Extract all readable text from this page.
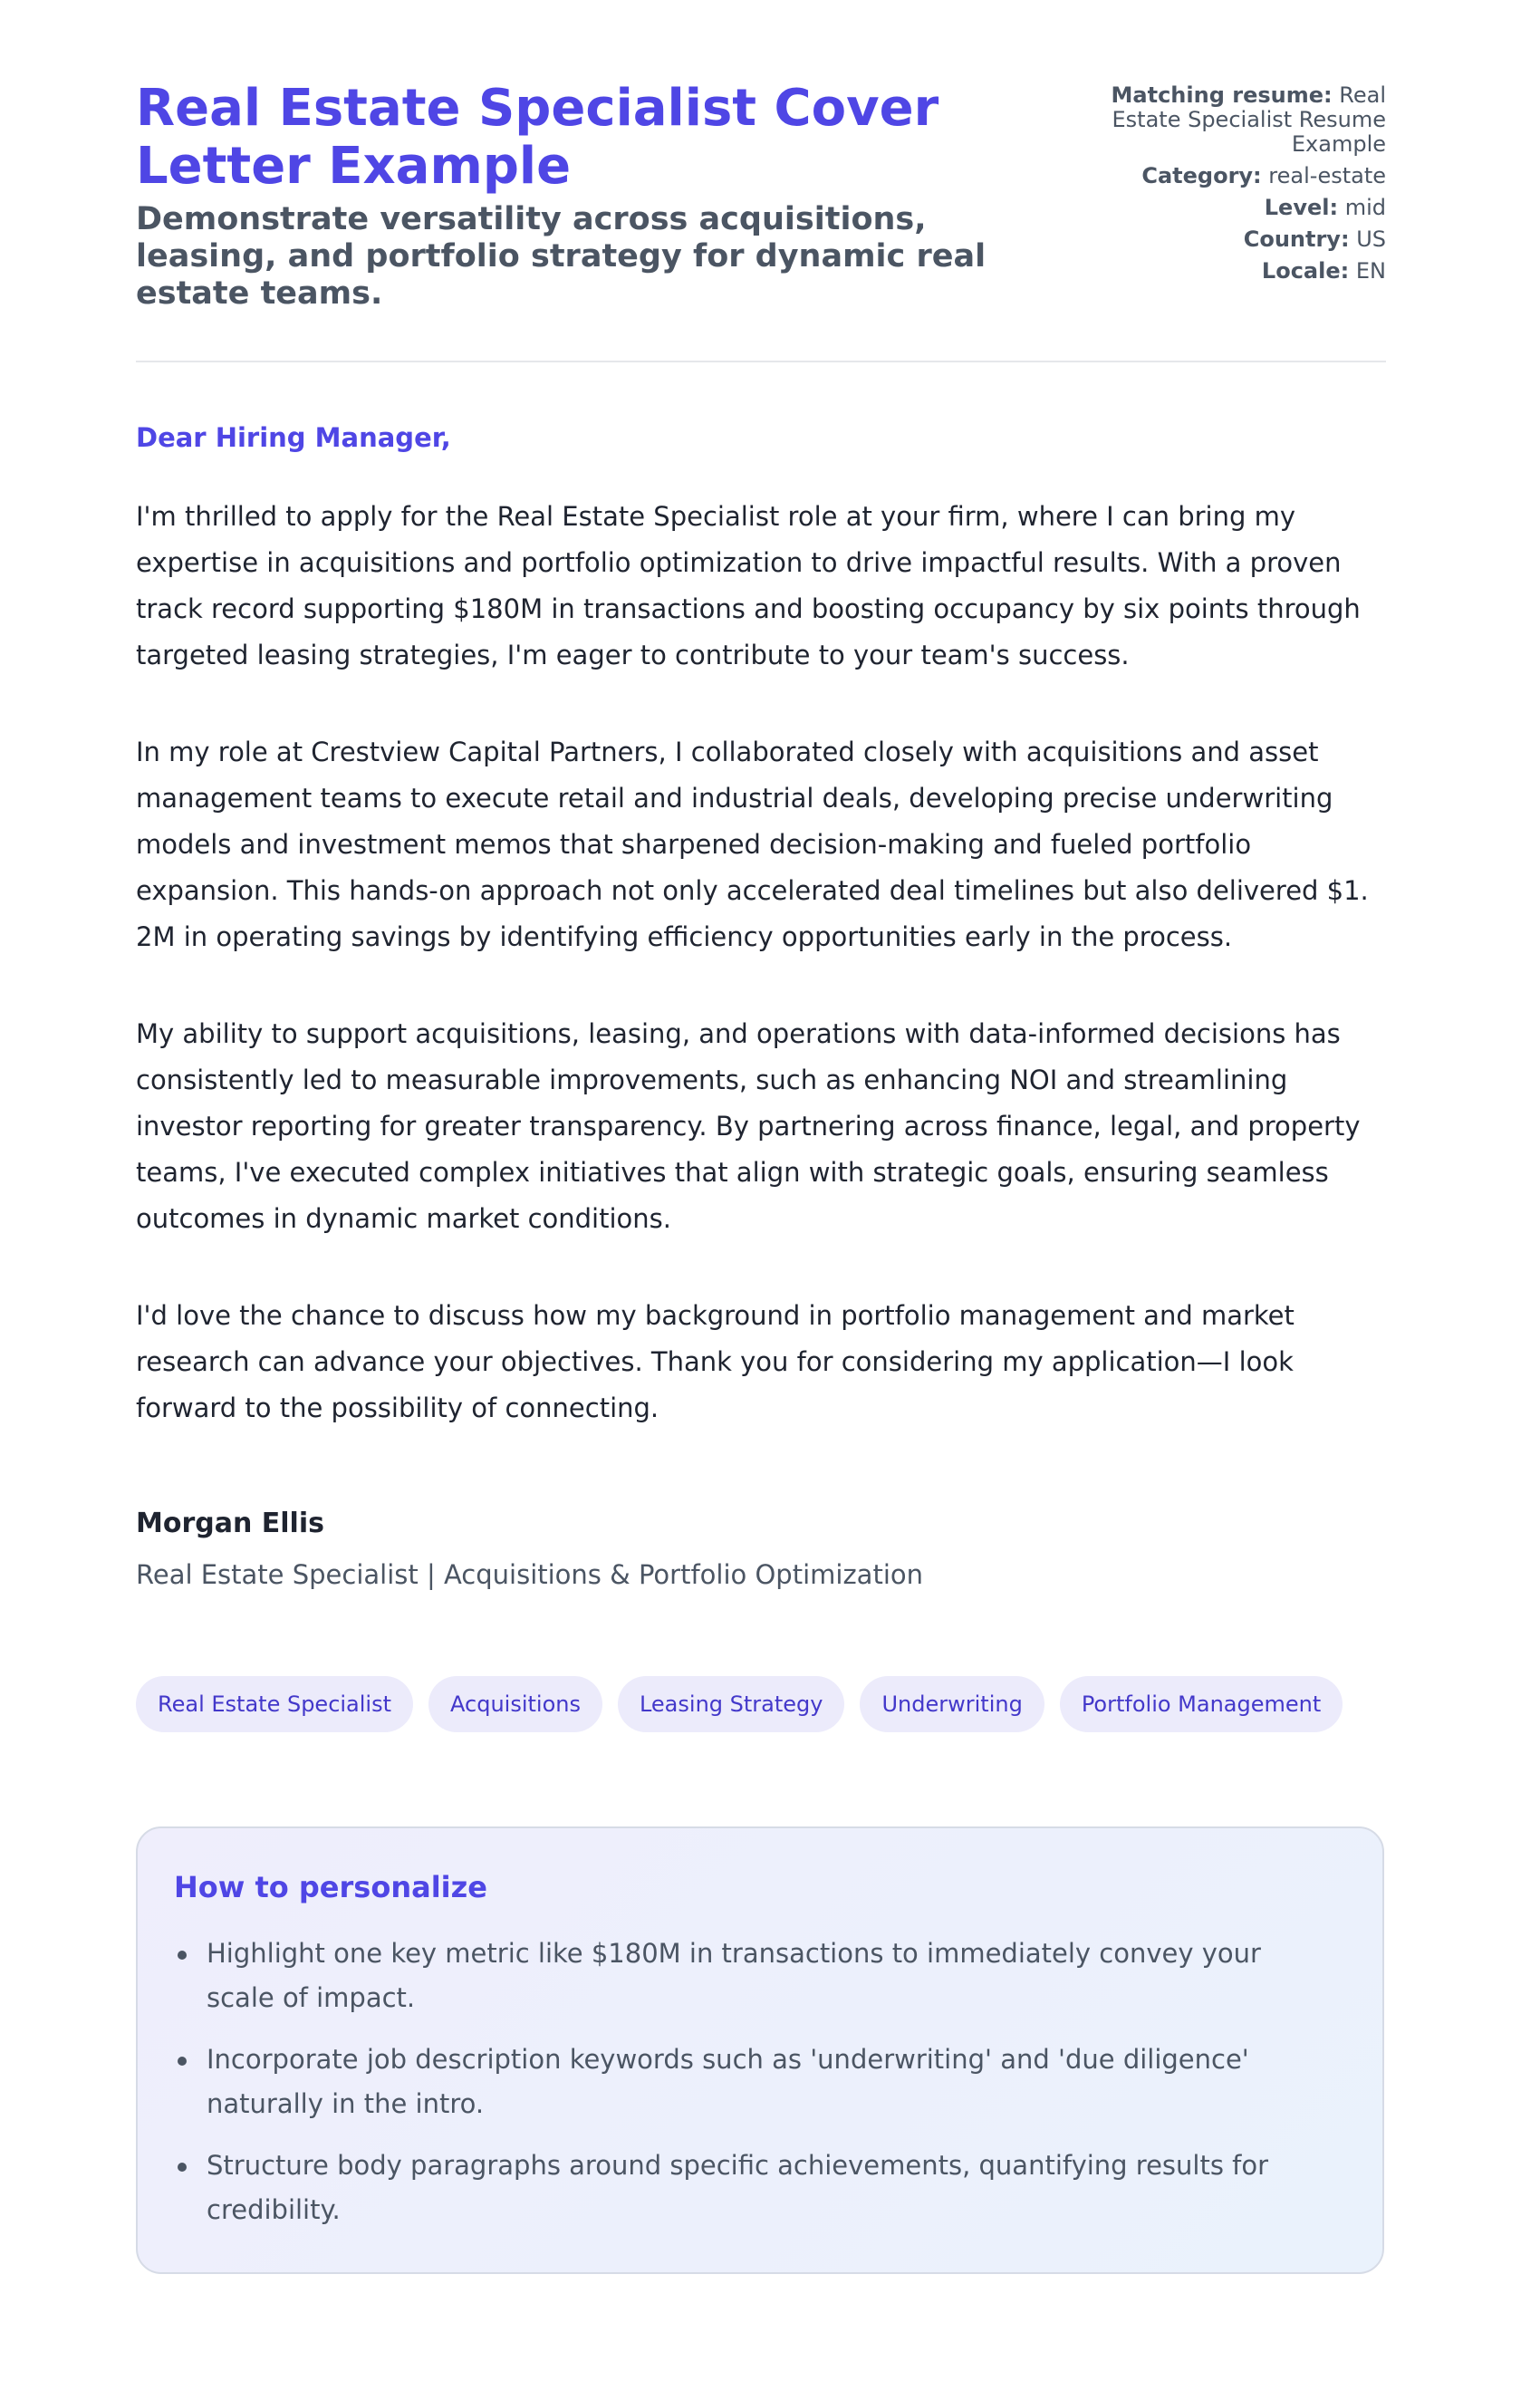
Real Estate Specialist Cover Letter Example
Demonstrate versatility across acquisitions, leasing, and portfolio strategy for dynamic real estate teams.
Matching resume: Real Estate Specialist Resume Example
Category: real-estate
Level: mid
Country: US
Locale: EN
Dear Hiring Manager,

I'm thrilled to apply for the Real Estate Specialist role at your firm, where I can bring my expertise in acquisitions and portfolio optimization to drive impactful results. With a proven track record supporting $180M in transactions and boosting occupancy by six points through targeted leasing strategies, I'm eager to contribute to your team's success.

In my role at Crestview Capital Partners, I collaborated closely with acquisitions and asset management teams to execute retail and industrial deals, developing precise underwriting models and investment memos that sharpened decision-making and fueled portfolio expansion. This hands-on approach not only accelerated deal timelines but also delivered $1. 2M in operating savings by identifying efficiency opportunities early in the process.

My ability to support acquisitions, leasing, and operations with data-informed decisions has consistently led to measurable improvements, such as enhancing NOI and streamlining investor reporting for greater transparency. By partnering across finance, legal, and property teams, I've executed complex initiatives that align with strategic goals, ensuring seamless outcomes in dynamic market conditions.

I'd love the chance to discuss how my background in portfolio management and market research can advance your objectives. Thank you for considering my application—I look forward to the possibility of connecting.

Morgan Ellis

Real Estate Specialist | Acquisitions & Portfolio Optimization
Real Estate Specialist	Acquisitions	Leasing Strategy	Underwriting	Portfolio Management
How to personalize
Highlight one key metric like $180M in transactions to immediately convey your scale of impact.
Incorporate job description keywords such as 'underwriting' and 'due diligence' naturally in the intro.
Structure body paragraphs around specific achievements, quantifying results for credibility.
